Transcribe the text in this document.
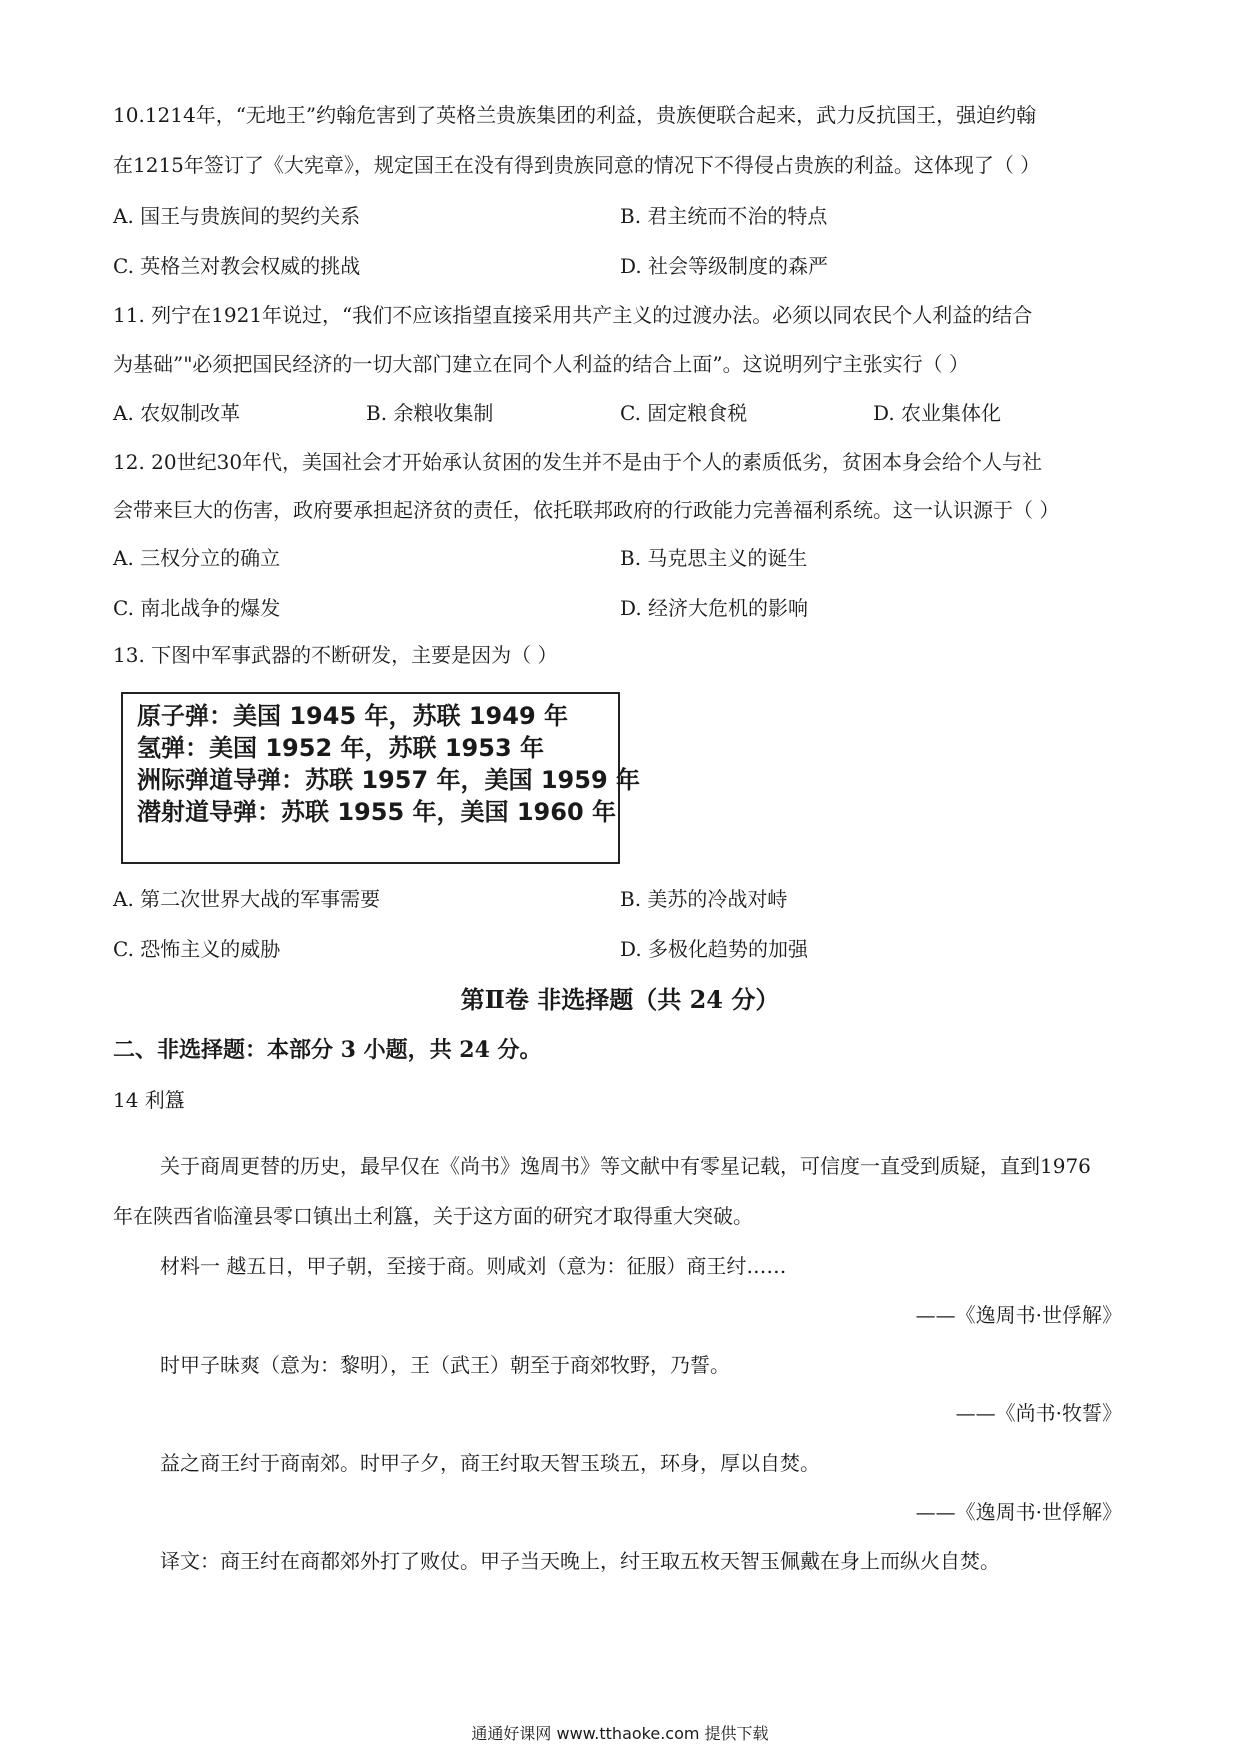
10.1214年，“无地王”约翰危害到了英格兰贵族集团的利益，贵族便联合起来，武力反抗国王，强迫约翰
在1215年签订了《大宪章》，规定国王在没有得到贵族同意的情况下不得侵占贵族的利益。这体现了（ ）
A. 国王与贵族间的契约关系	B. 君主统而不治的特点
C. 英格兰对教会权威的挑战	D. 社会等级制度的森严
11. 列宁在1921年说过，“我们不应该指望直接采用共产主义的过渡办法。必须以同农民个人利益的结合
为基础”"必须把国民经济的一切大部门建立在同个人利益的结合上面”。这说明列宁主张实行（ ）
A. 农奴制改革	B. 余粮收集制	C. 固定粮食税	D. 农业集体化
12. 20世纪30年代，美国社会才开始承认贫困的发生并不是由于个人的素质低劣，贫困本身会给个人与社
会带来巨大的伤害，政府要承担起济贫的责任，依托联邦政府的行政能力完善福利系统。这一认识源于（ ）
A. 三权分立的确立	B. 马克思主义的诞生
C. 南北战争的爆发	D. 经济大危机的影响
13. 下图中军事武器的不断研发，主要是因为（ ）
原子弹：美国 1945 年，苏联 1949 年
氢弹：美国 1952 年，苏联 1953 年
洲际弹道导弹：苏联 1957 年，美国 1959 年
潜射道导弹：苏联 1955 年，美国 1960 年
A. 第二次世界大战的军事需要	B. 美苏的冷战对峙
C. 恐怖主义的威胁	D. 多极化趋势的加强
第Ⅱ卷 非选择题（共 24 分）
二、非选择题：本部分 3 小题，共 24 分。
14 利簋
关于商周更替的历史，最早仅在《尚书》逸周书》等文献中有零星记载，可信度一直受到质疑，直到1976
年在陕西省临潼县零口镇出土利簋，关于这方面的研究才取得重大突破。
材料一 越五日，甲子朝，至接于商。则咸刘（意为：征服）商王纣……
——《逸周书·世俘解》
时甲子昧爽（意为：黎明），王（武王）朝至于商郊牧野，乃誓。
——《尚书·牧誓》
益之商王纣于商南郊。时甲子夕，商王纣取天智玉琰五，环身，厚以自焚。
——《逸周书·世俘解》
译文：商王纣在商都郊外打了败仗。甲子当天晚上，纣王取五枚天智玉佩戴在身上而纵火自焚。
通通好课网 www.tthaoke.com 提供下载
